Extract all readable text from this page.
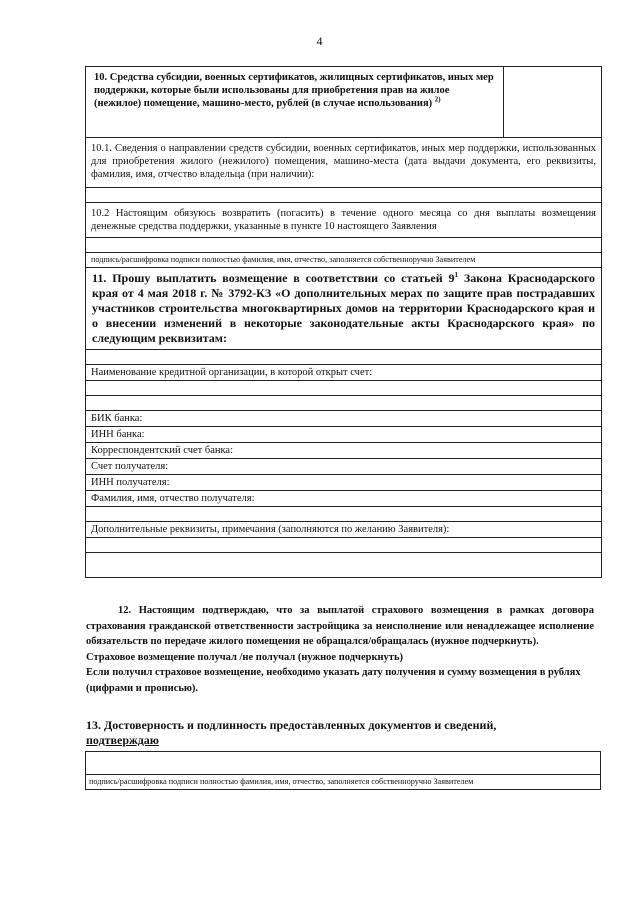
4
10. Средства субсидии, военных сертификатов, жилищных сертификатов, иных мер поддержки, которые были использованы для приобретения прав на жилое (нежилое) помещение, машино-место, рублей (в случае использования) $^{2)}$	
10.1. Сведения о направлении средств субсидии, военных сертификатов, иных мер поддержки, использованных для приобретения жилого (нежилого) помещения, машино-места (дата выдачи документа, его реквизиты, фамилия, имя, отчество владельца (при наличии):

10.2 Настоящим обязуюсь возвратить (погасить) в течение одного месяца со дня выплаты возмещения денежные средства поддержки, указанные в пункте 10 настоящего Заявления

подпись/расшифровка подписи полностью фамилия, имя, отчество, заполняется собственноручно Заявителем
11. Прошу выплатить возмещение в соответствии со статьей $9^1$ Закона Краснодарского края от 4 мая 2018 г. № 3792-КЗ «О дополнительных мерах по защите прав пострадавших участников строительства многоквартирных домов на территории Краснодарского края и о внесении изменений в некоторые законодательные акты Краснодарского края» по следующим реквизитам:

Наименование кредитной организации, в которой открыт счет:

БИК банка:
ИНН банка:
Корреспондентский счет банка:
Счет получателя:
ИНН получателя:
Фамилия, имя, отчество получателя:

Дополнительные реквизиты, примечания (заполняются по желанию Заявителя):

12. Настоящим подтверждаю, что за выплатой страхового возмещения в рамках договора страхования гражданской ответственности застройщика за неисполнение или ненадлежащее исполнение обязательств по передаче жилого помещения не обращался/обращалась (нужное подчеркнуть).
Страховое возмещение получал /не получал (нужное подчеркнуть)
Если получил страховое возмещение, необходимо указать дату получения и сумму возмещения в рублях (цифрами и прописью).
13. Достоверность и подлинность предоставленных документов и сведений,
подтверждаю

подпись/расшифровка подписи полностью фамилия, имя, отчество, заполняется собственноручно Заявителем
